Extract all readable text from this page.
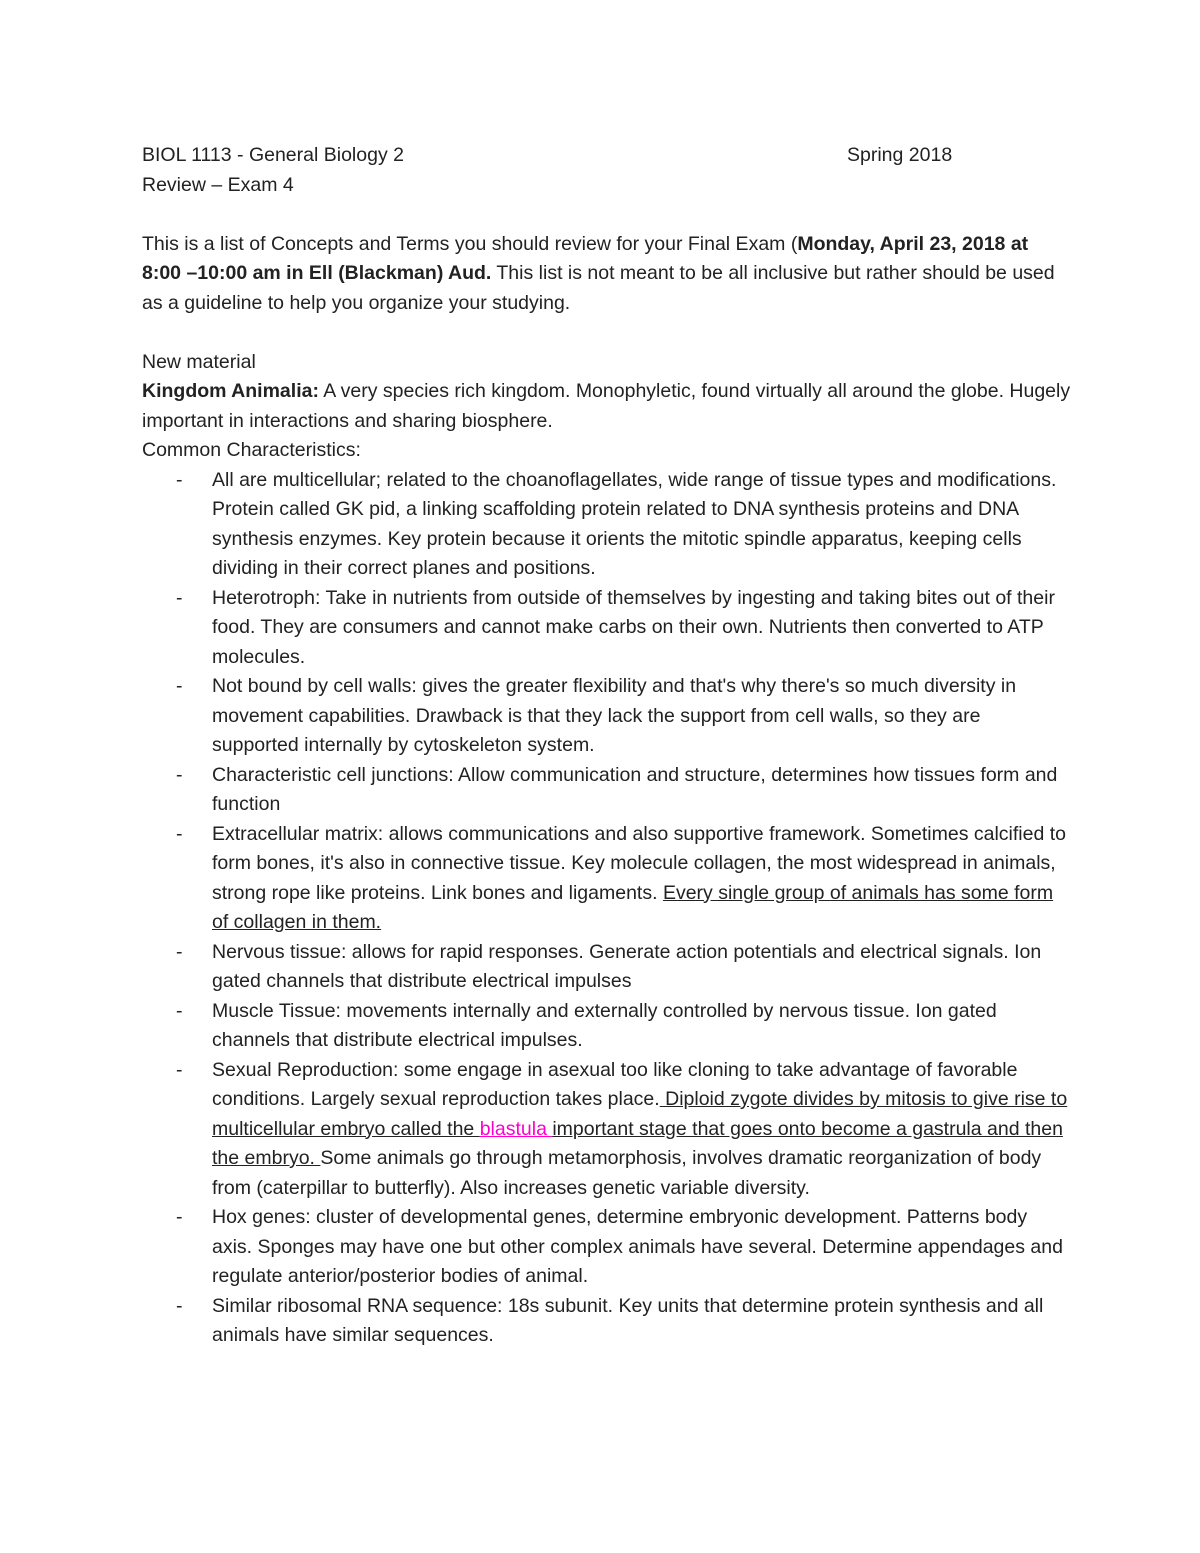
BIOL 1113 - General Biology 2	Spring 2018

Review – Exam 4

This is a list of Concepts and Terms you should review for your Final Exam (Monday, April 23, 2018 at 8:00 –10:00 am in Ell (Blackman) Aud. This list is not meant to be all inclusive but rather should be used as a guideline to help you organize your studying.

New material

Kingdom Animalia: A very species rich kingdom. Monophyletic, found virtually all around the globe. Hugely important in interactions and sharing biosphere.

Common Characteristics:

- All are multicellular; related to the choanoflagellates, wide range of tissue types and modifications. Protein called GK pid, a linking scaffolding protein related to DNA synthesis proteins and DNA synthesis enzymes. Key protein because it orients the mitotic spindle apparatus, keeping cells dividing in their correct planes and positions.
- Heterotroph: Take in nutrients from outside of themselves by ingesting and taking bites out of their food. They are consumers and cannot make carbs on their own. Nutrients then converted to ATP molecules.
- Not bound by cell walls: gives the greater flexibility and that's why there's so much diversity in movement capabilities. Drawback is that they lack the support from cell walls, so they are supported internally by cytoskeleton system.
- Characteristic cell junctions: Allow communication and structure, determines how tissues form and function
- Extracellular matrix: allows communications and also supportive framework. Sometimes calcified to form bones, it's also in connective tissue. Key molecule collagen, the most widespread in animals, strong rope like proteins. Link bones and ligaments. Every single group of animals has some form of collagen in them.
- Nervous tissue: allows for rapid responses. Generate action potentials and electrical signals. Ion gated channels that distribute electrical impulses
- Muscle Tissue: movements internally and externally controlled by nervous tissue. Ion gated channels that distribute electrical impulses.
- Sexual Reproduction: some engage in asexual too like cloning to take advantage of favorable conditions. Largely sexual reproduction takes place. Diploid zygote divides by mitosis to give rise to multicellular embryo called the blastula important stage that goes onto become a gastrula and then the embryo. Some animals go through metamorphosis, involves dramatic reorganization of body from (caterpillar to butterfly). Also increases genetic variable diversity.
- Hox genes: cluster of developmental genes, determine embryonic development. Patterns body axis. Sponges may have one but other complex animals have several. Determine appendages and regulate anterior/posterior bodies of animal.
- Similar ribosomal RNA sequence: 18s subunit. Key units that determine protein synthesis and all animals have similar sequences.
